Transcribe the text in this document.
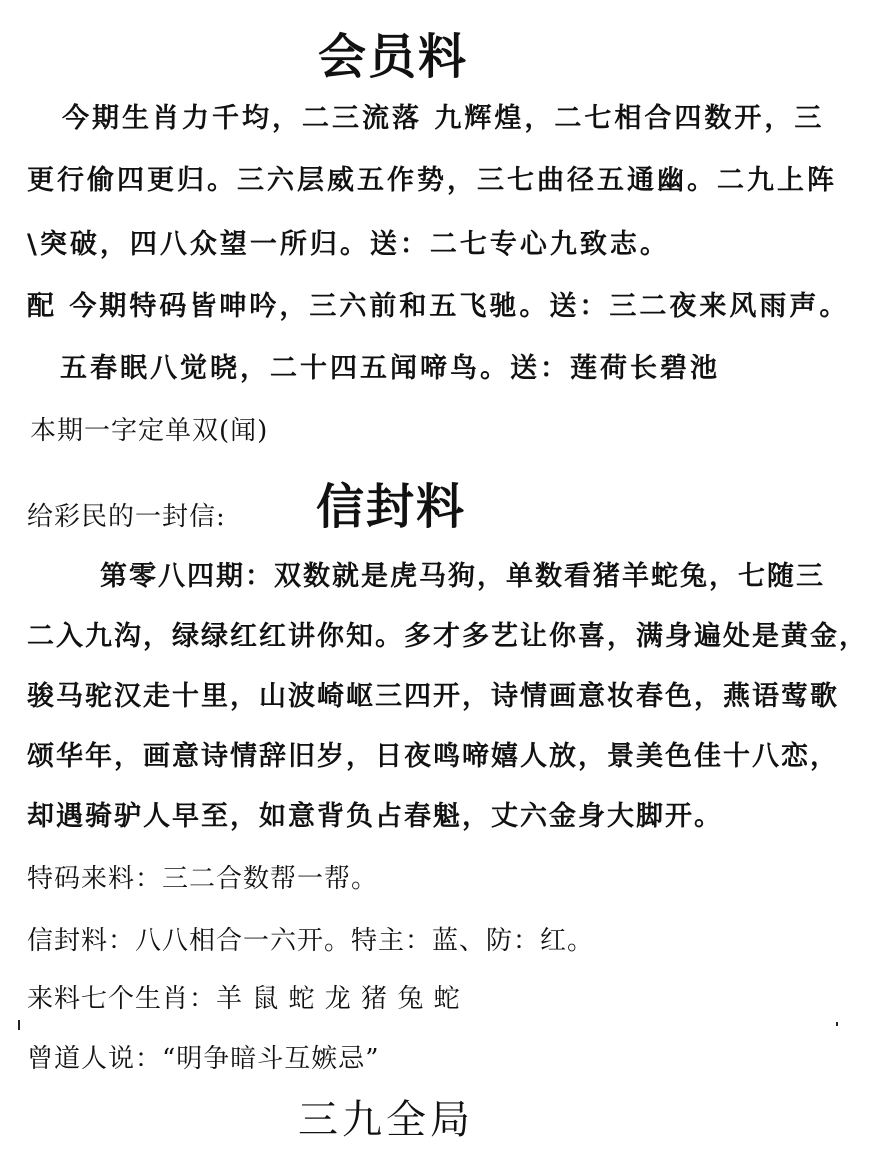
会员料
今期生肖力千均，二三流落 九辉煌，二七相合四数开，三
更行偷四更归。三六层威五作势，三七曲径五通幽。二九上阵
\突破，四八众望一所归。送：二七专心九致志。
配 今期特码皆呻吟，三六前和五飞驰。送：三二夜来风雨声。
五春眠八觉晓，二十四五闻啼鸟。送：莲荷长碧池
本期一字定单双(闻)
给彩民的一封信: 信封料
第零八四期：双数就是虎马狗，单数看猪羊蛇兔，七随三
二入九沟，绿绿红红讲你知。多才多艺让你喜，满身遍处是黄金，
骏马驼汉走十里，山波崎岖三四开，诗情画意妆春色，燕语莺歌
颂华年，画意诗情辞旧岁，日夜鸣啼嬉人放，景美色佳十八恋，
却遇骑驴人早至，如意背负占春魁，丈六金身大脚开。
特码来料：三二合数帮一帮。
信封料：八八相合一六开。特主：蓝、防：红。
来料七个生肖：羊 鼠 蛇 龙 猪 兔 蛇
曾道人说：“明争暗斗互嫉忌”
三九全局
